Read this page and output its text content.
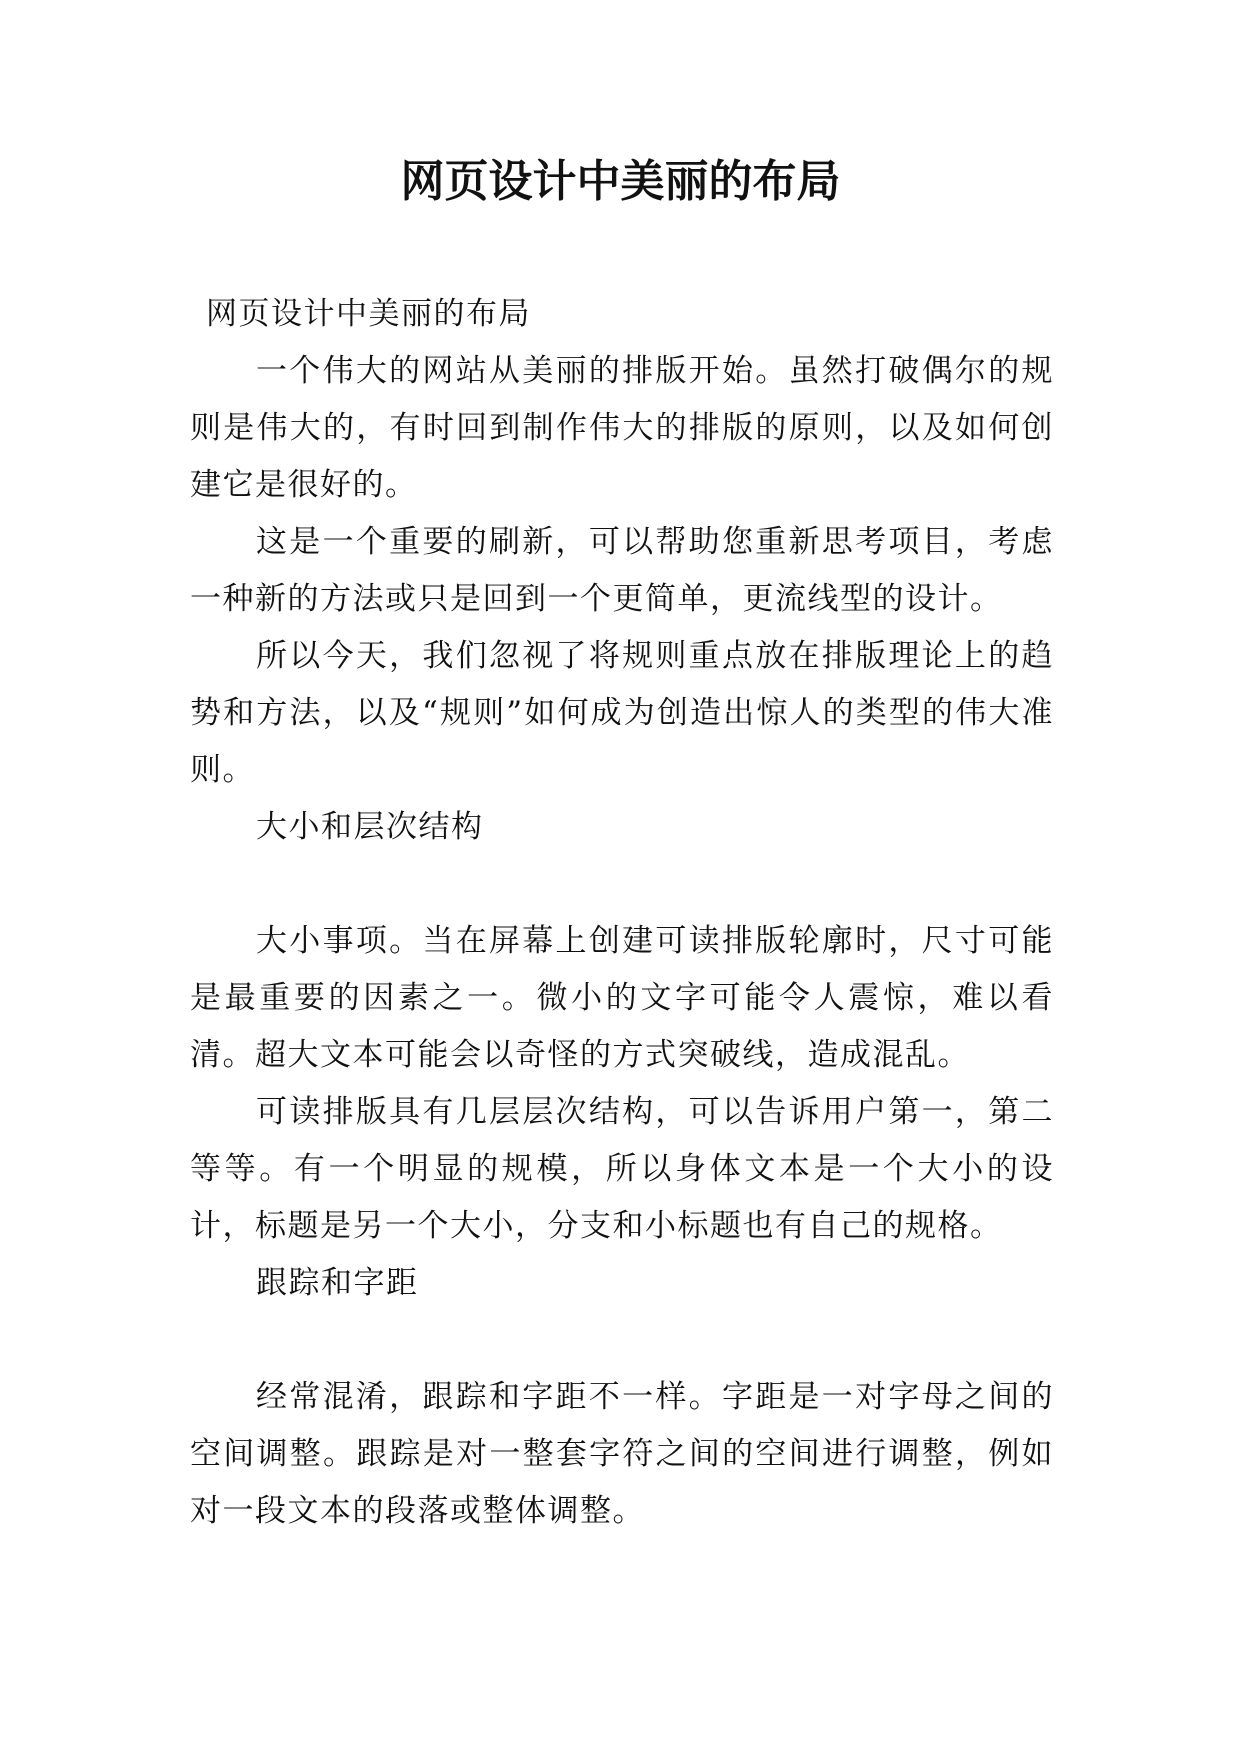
网页设计中美丽的布局

网页设计中美丽的布局

一个伟大的网站从美丽的排版开始。虽然打破偶尔的规则是伟大的，有时回到制作伟大的排版的原则，以及如何创建它是很好的。

这是一个重要的刷新，可以帮助您重新思考项目，考虑一种新的方法或只是回到一个更简单，更流线型的设计。

所以今天，我们忽视了将规则重点放在排版理论上的趋势和方法，以及“规则”如何成为创造出惊人的类型的伟大准则。

大小和层次结构

大小事项。当在屏幕上创建可读排版轮廓时，尺寸可能是最重要的因素之一。微小的文字可能令人震惊，难以看清。超大文本可能会以奇怪的方式突破线，造成混乱。

可读排版具有几层层次结构，可以告诉用户第一，第二等等。有一个明显的规模，所以身体文本是一个大小的设计，标题是另一个大小，分支和小标题也有自己的规格。

跟踪和字距

经常混淆，跟踪和字距不一样。字距是一对字母之间的空间调整。跟踪是对一整套字符之间的空间进行调整，例如对一段文本的段落或整体调整。
